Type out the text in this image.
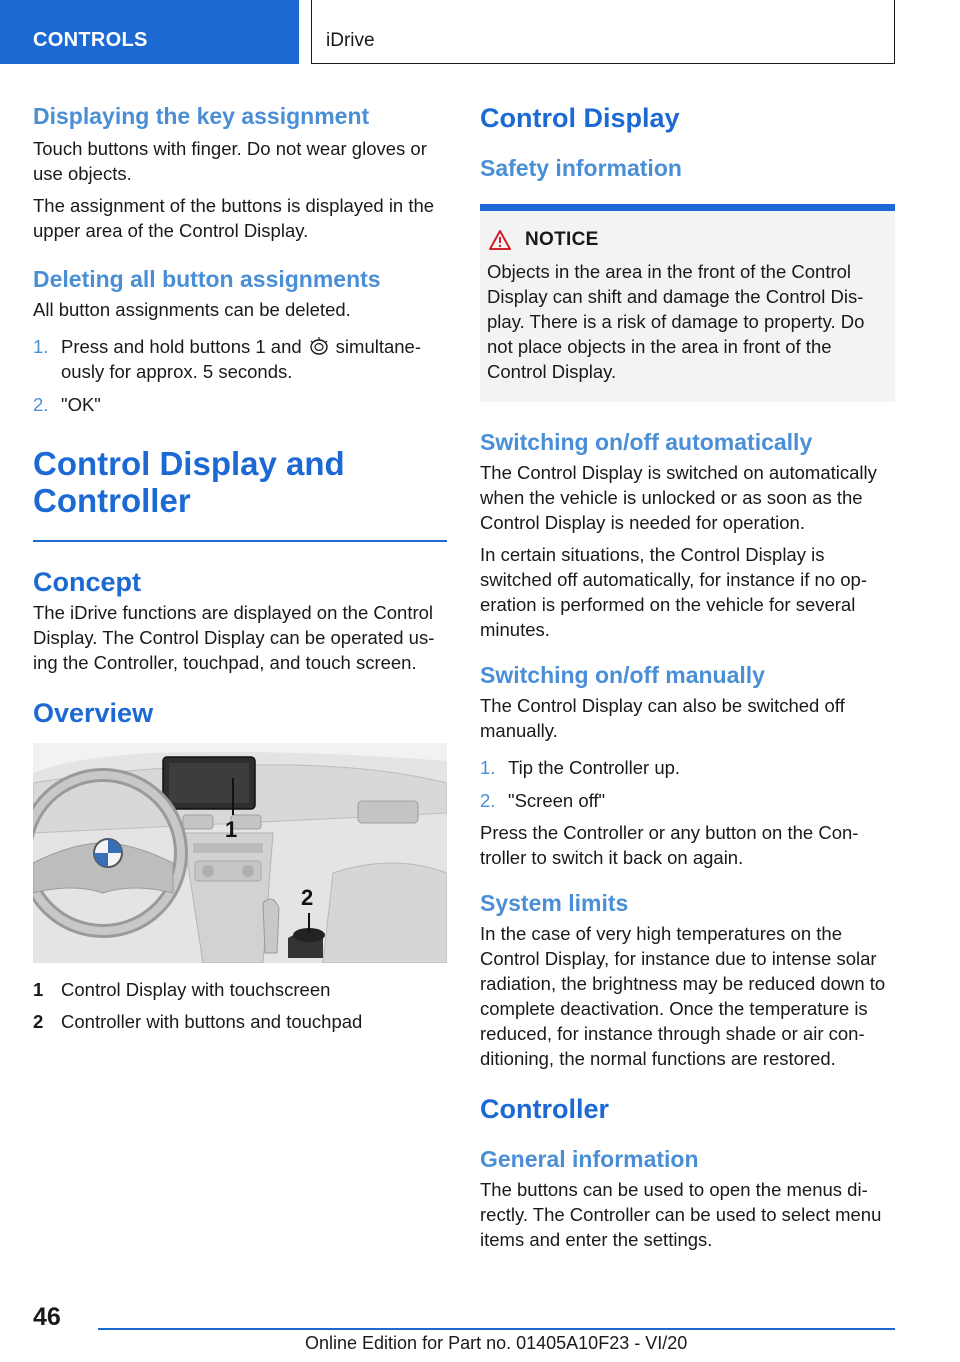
CONTROLS	iDrive
Displaying the key assignment

Touch buttons with finger. Do not wear gloves or use objects.

The assignment of the buttons is displayed in the upper area of the Control Display.

Deleting all button assignments

All button assignments can be deleted.

1. Press and hold buttons 1 and simultane-ously for approx. 5 seconds.
2. "OK"
Control Display and Controller
Concept

The iDrive functions are displayed on the Control Display. The Control Display can be operated us-ing the Controller, touchpad, and touch screen.

Overview
1
2
1 Control Display with touchscreen
2 Controller with buttons and touchpad
Control Display
Safety information
NOTICE

Objects in the area in the front of the Control Display can shift and damage the Control Dis-play. There is a risk of damage to property. Do not place objects in the area in front of the Control Display.

Switching on/off automatically

The Control Display is switched on automatically when the vehicle is unlocked or as soon as the Control Display is needed for operation.

In certain situations, the Control Display is switched off automatically, for instance if no op-eration is performed on the vehicle for several minutes.

Switching on/off manually

The Control Display can also be switched off manually.

1. Tip the Controller up.
2. "Screen off"

Press the Controller or any button on the Con-troller to switch it back on again.

System limits

In the case of very high temperatures on the Control Display, for instance due to intense solar radiation, the brightness may be reduced down to complete deactivation. Once the temperature is reduced, for instance through shade or air con-ditioning, the normal functions are restored.

Controller
General information

The buttons can be used to open the menus di-rectly. The Controller can be used to select menu items and enter the settings.

46
Online Edition for Part no. 01405A10F23 - VI/20
